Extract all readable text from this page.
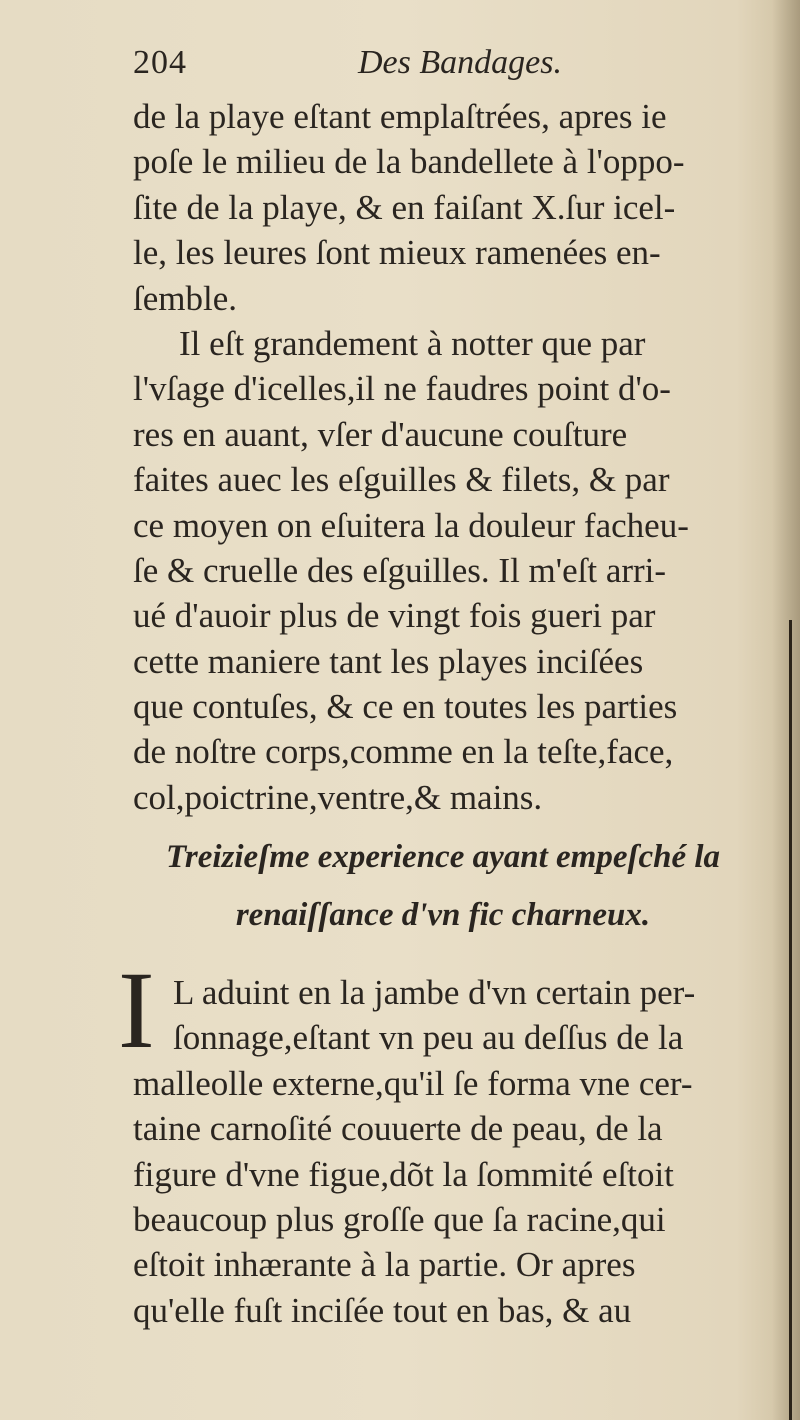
204	Des Bandages.
de la playe eſtant emplaſtrées, apres ie
poſe le milieu de la bandellete à l'oppo-
ſite de la playe, & en faiſant X.ſur icel-
le, les leures ſont mieux ramenées en-
ſemble.
Il eſt grandement à notter que par
l'vſage d'icelles,il ne faudres point d'o-
res en auant, vſer d'aucune couſture
faites auec les eſguilles & filets, & par
ce moyen on eſuitera la douleur facheu-
ſe & cruelle des eſguilles. Il m'eſt arri-
ué d'auoir plus de vingt fois gueri par
cette maniere tant les playes inciſées
que contuſes, & ce en toutes les parties
de noſtre corps,comme en la teſte,face,
col,poictrine,ventre,& mains.
Treizieſme experience ayant empeſché la
renaiſſance d'vn fic charneux.
I L aduint en la jambe d'vn certain per-
ſonnage,eſtant vn peu au deſſus de la
malleolle externe,qu'il ſe forma vne cer-
taine carnoſité couuerte de peau, de la
figure d'vne figue,dõt la ſommité eſtoit
beaucoup plus groſſe que ſa racine,qui
eſtoit inhærante à la partie. Or apres
qu'elle fuſt inciſée tout en bas, & au
